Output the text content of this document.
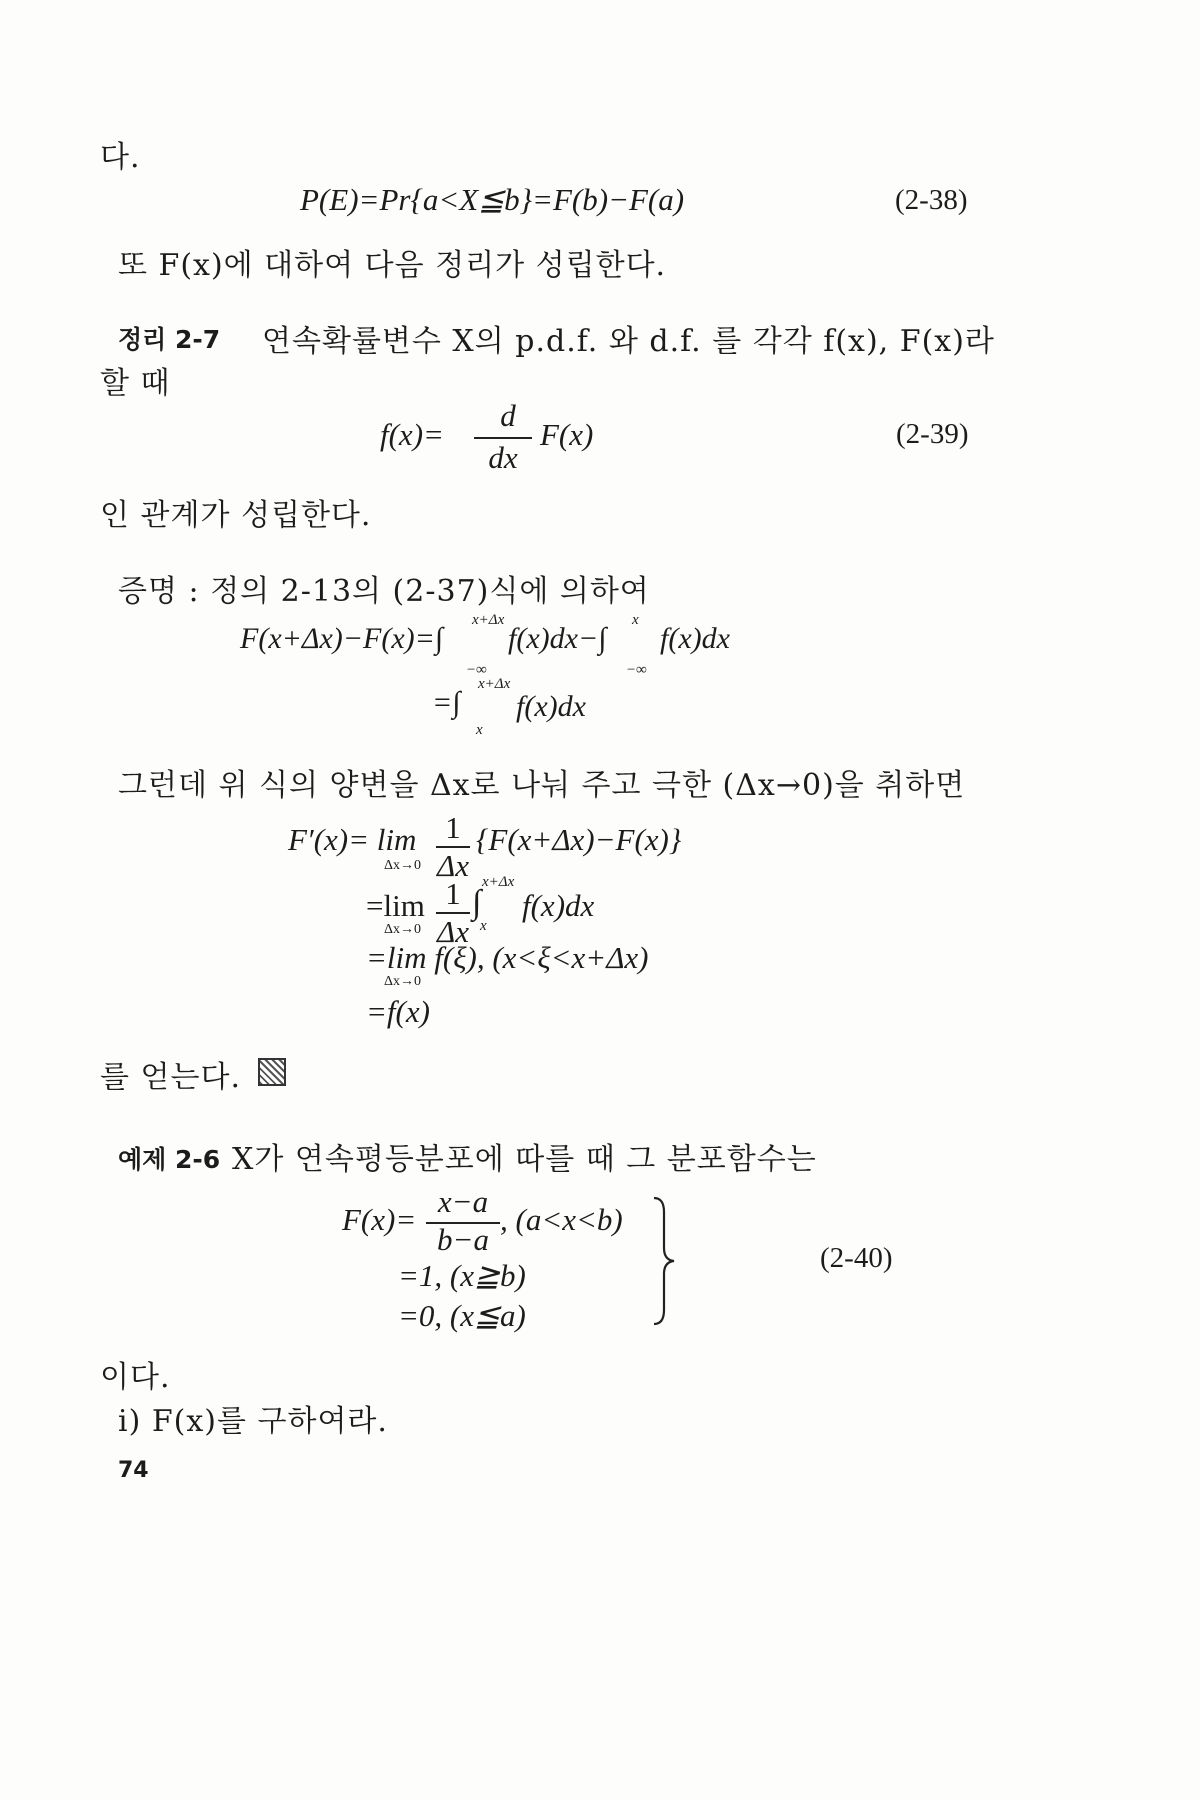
다.
P(E)=Pr{a<X≦b}=F(b)−F(a)	(2-38)
또 F(x)에 대하여 다음 정리가 성립한다.
정리 2-7 연속확률변수 X의 p.d.f. 와 d.f. 를 각각 f(x), F(x)라
할 때
f(x)=
d
dx
F(x)	(2-39)
인 관계가 성립한다.
증명 : 정의 2-13의 (2-37)식에 의하여
F(x+Δx)−F(x)=∫
x+Δx
−∞
f(x)dx−∫
x
−∞
f(x)dx
=∫
x+Δx
x
f(x)dx
그런데 위 식의 양변을 Δx로 나눠 주고 극한 (Δx→0)을 취하면
F′(x)= lim
Δx→0
1
Δx
{F(x+Δx)−F(x)}
=lim
Δx→0
1
Δx
∫
x+Δx
x
f(x)dx
=lim f(ξ), (x<ξ<x+Δx)
Δx→0
=f(x)
를 얻는다.
예제 2-6 X가 연속평등분포에 따를 때 그 분포함수는
F(x)=
x−a
b−a
, (a<x<b)
=1, (x≧b)
=0, (x≦a)
(2-40)
이다.
i) F(x)를 구하여라.
74
